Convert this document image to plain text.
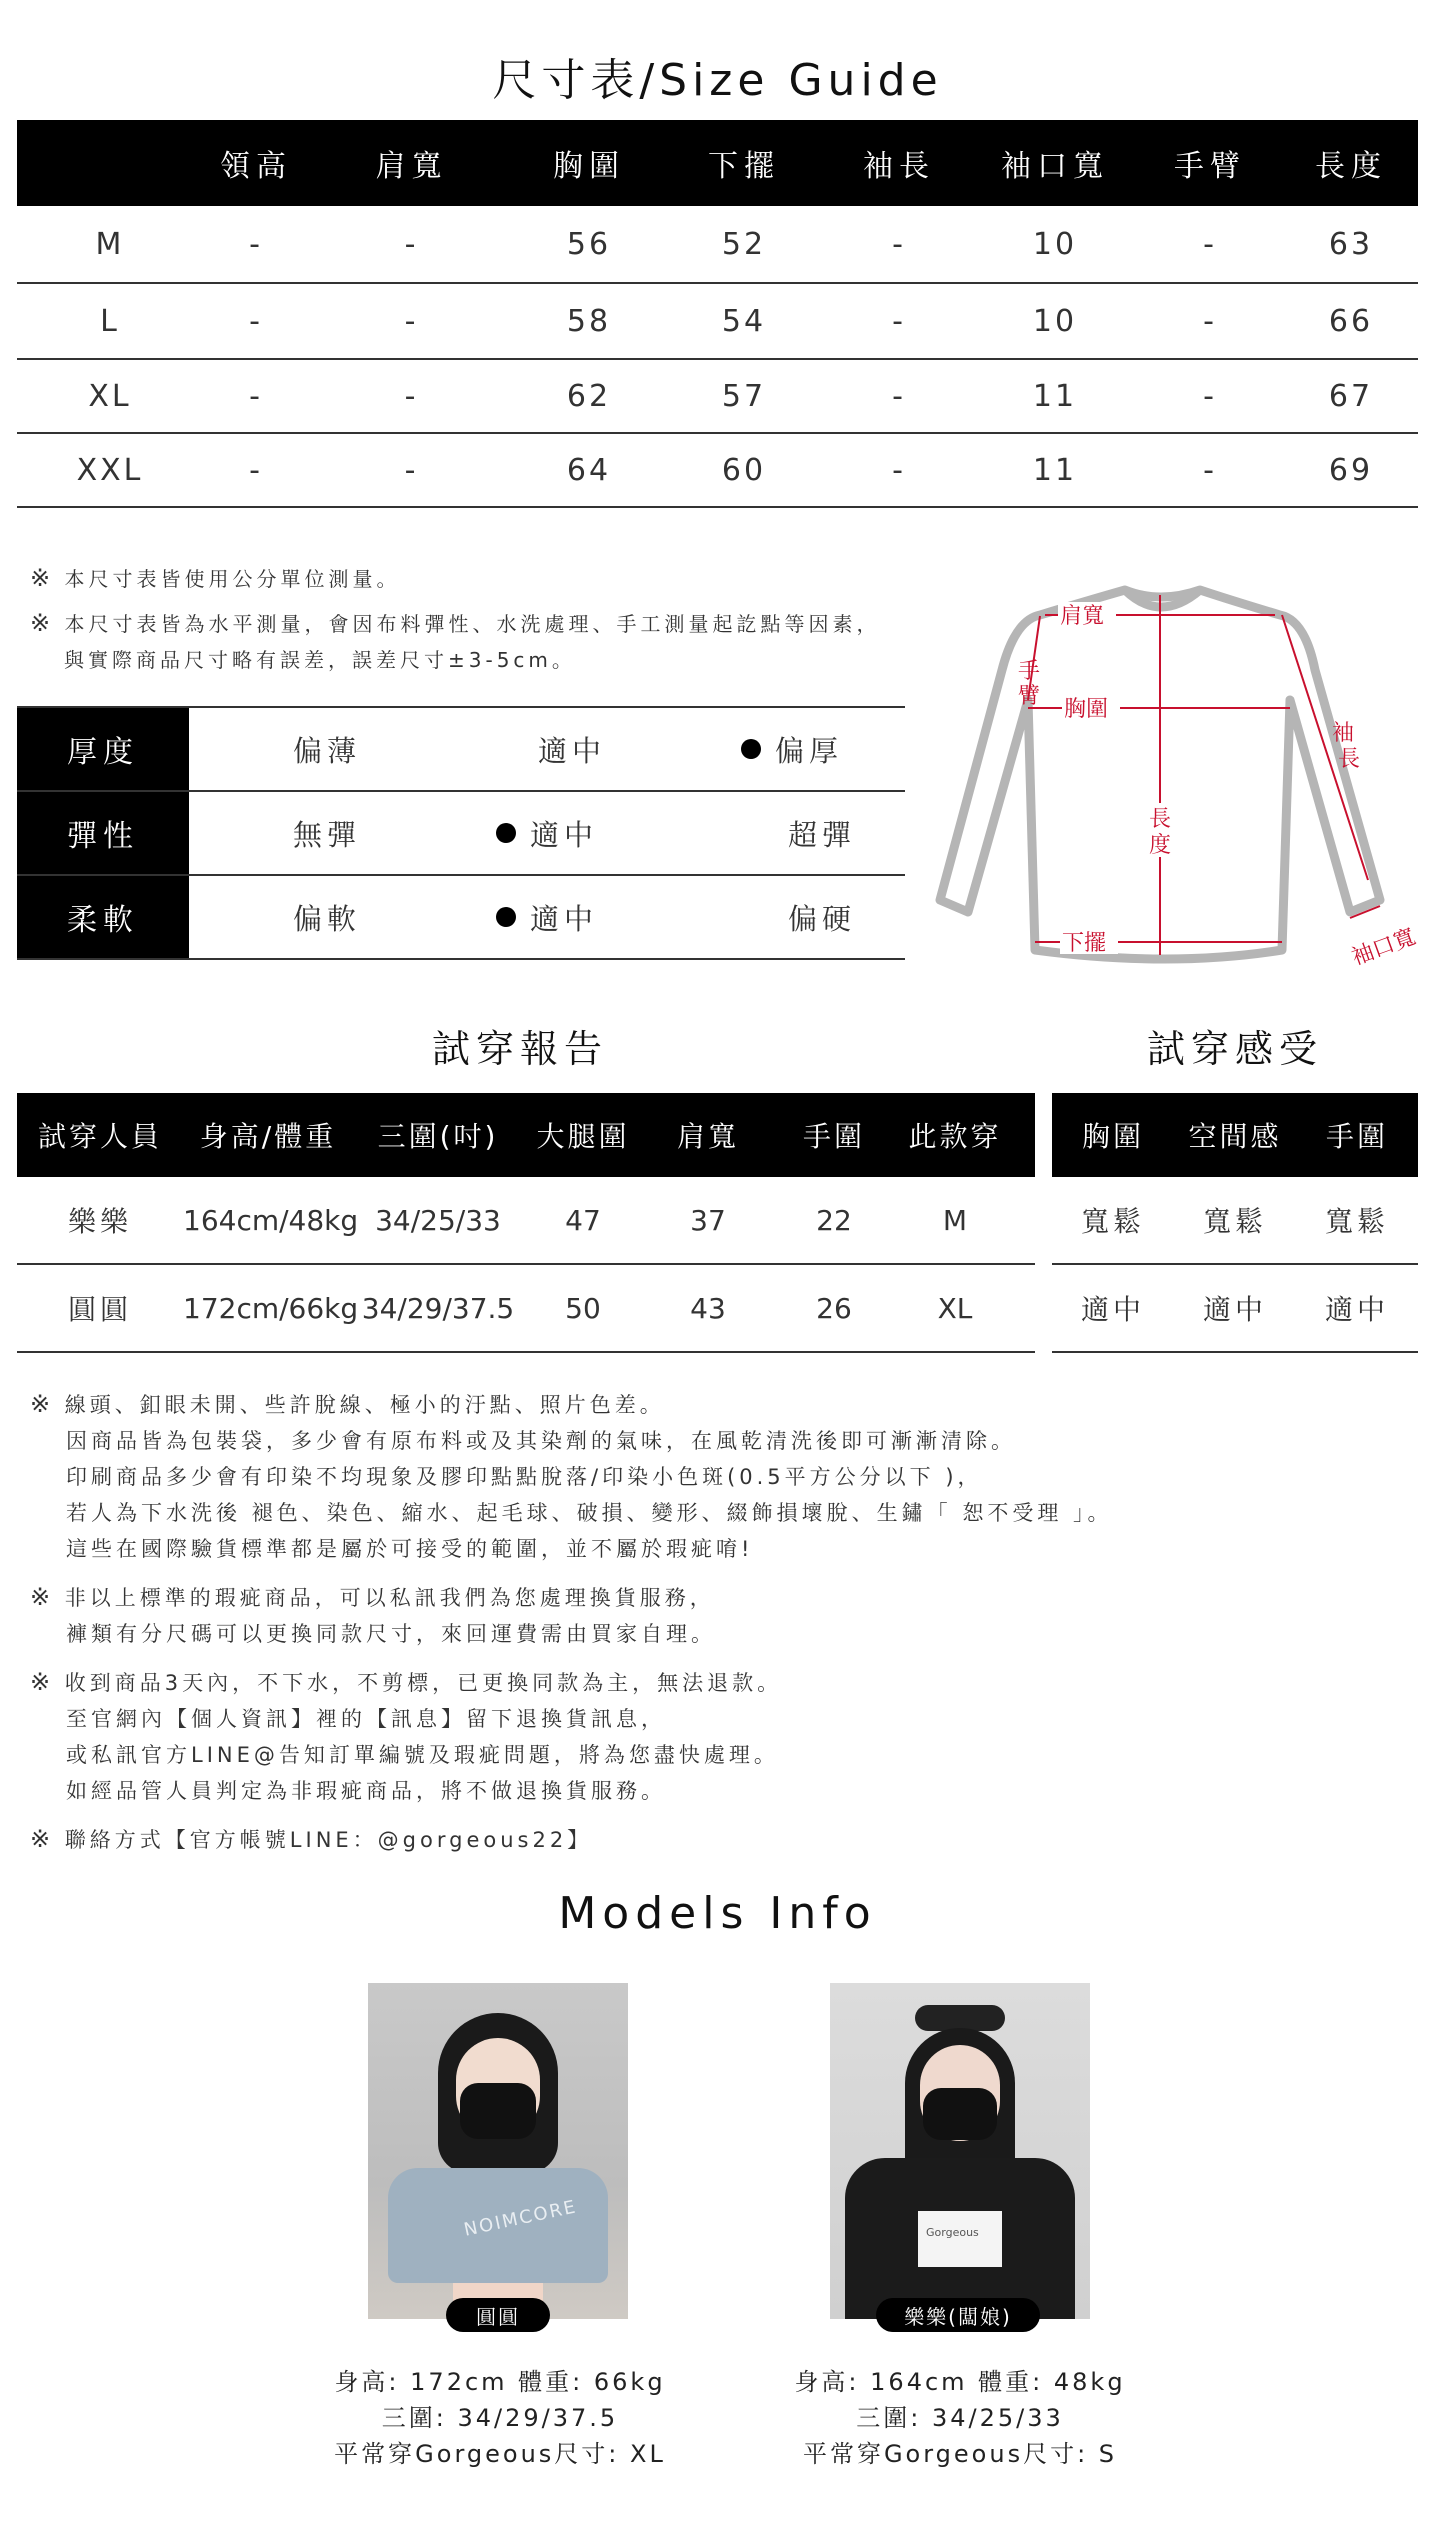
尺寸表/Size Guide
領高	肩寬	胸圍	下擺	袖長	袖口寬	手臂	長度
M	-	-	56	52	-	10	-	63
L	-	-	58	54	-	10	-	66
XL	-	-	62	57	-	11	-	67
XXL	-	-	64	60	-	11	-	69
※ 本尺寸表皆使用公分單位測量。
※ 本尺寸表皆為水平測量，會因布料彈性、水洗處理、手工測量起訖點等因素，
與實際商品尺寸略有誤差，誤差尺寸±3-5cm。
厚度	偏薄	適中	偏厚
彈性	無彈	適中	超彈
柔軟	偏軟	適中	偏硬
肩寬
手
臂
胸圍
長
度
袖
長
下擺	袖口寬
試穿報告	試穿感受
試穿人員	身高/體重	三圍(吋)	大腿圍	肩寬	手圍	此款穿	胸圍	空間感	手圍
樂樂	164cm/48kg 34/25/33	47	37	22	M
圓圓	172cm/66kg 34/29/37.5	50	43	26	XL
寬鬆	寬鬆	寬鬆
適中	適中	適中
※ 線頭、釦眼未開、些許脫線、極小的汙點、照片色差。
因商品皆為包裝袋，多少會有原布料或及其染劑的氣味，在風乾清洗後即可漸漸清除。
印刷商品多少會有印染不均現象及膠印點點脫落/印染小色斑(0.5平方公分以下 )，
若人為下水洗後 褪色、染色、縮水、起毛球、破損、變形、綴飾損壞脫、生鏽「 恕不受理 」。
這些在國際驗貨標準都是屬於可接受的範圍，並不屬於瑕疵唷!
※ 非以上標準的瑕疵商品，可以私訊我們為您處理換貨服務，
褲類有分尺碼可以更換同款尺寸，來回運費需由買家自理。
※ 收到商品3天內，不下水，不剪標，已更換同款為主，無法退款。
至官網內【個人資訊】裡的【訊息】留下退換貨訊息，
或私訊官方LINE@告知訂單編號及瑕疵問題，將為您盡快處理。
如經品管人員判定為非瑕疵商品，將不做退換貨服務。
※ 聯絡方式【官方帳號LINE：@gorgeous22】
Models Info
NOIMCORE
圓圓
Gorgeous
樂樂(闆娘)
身高: 172cm 體重: 66kg
三圍: 34/29/37.5
平常穿Gorgeous尺寸: XL
身高: 164cm 體重: 48kg
三圍: 34/25/33
平常穿Gorgeous尺寸: S
